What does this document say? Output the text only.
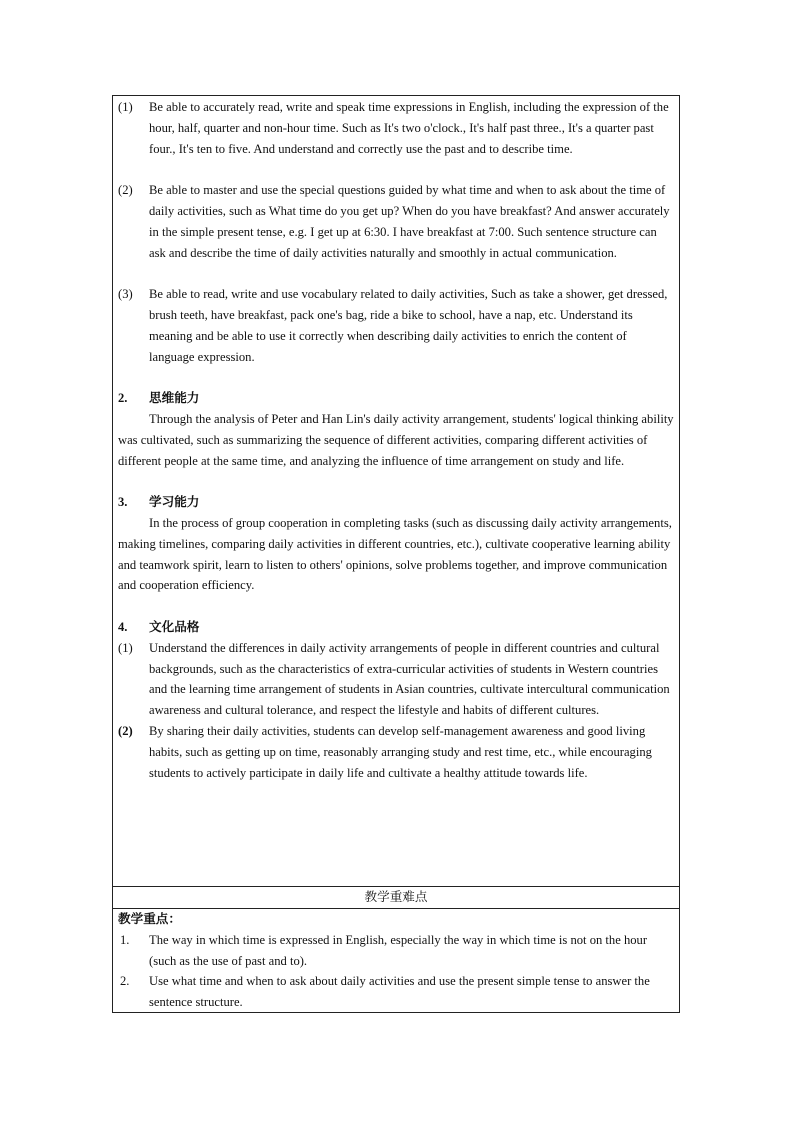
(1) Be able to accurately read, write and speak time expressions in English, including the expression of the hour, half, quarter and non-hour time. Such as It's two o'clock., It's half past three., It's a quarter past four., It's ten to five. And understand and correctly use the past and to describe time.
(2) Be able to master and use the special questions guided by what time and when to ask about the time of daily activities, such as What time do you get up? When do you have breakfast? And answer accurately in the simple present tense, e.g. I get up at 6:30. I have breakfast at 7:00. Such sentence structure can ask and describe the time of daily activities naturally and smoothly in actual communication.
(3) Be able to read, write and use vocabulary related to daily activities, Such as take a shower, get dressed, brush teeth, have breakfast, pack one's bag, ride a bike to school, have a nap, etc. Understand its meaning and be able to use it correctly when describing daily activities to enrich the content of language expression.
2. 思维能力

Through the analysis of Peter and Han Lin's daily activity arrangement, students' logical thinking ability was cultivated, such as summarizing the sequence of different activities, comparing different activities of different people at the same time, and analyzing the influence of time arrangement on study and life.

3. 学习能力

In the process of group cooperation in completing tasks (such as discussing daily activity arrangements, making timelines, comparing daily activities in different countries, etc.), cultivate cooperative learning ability and teamwork spirit, learn to listen to others' opinions, solve problems together, and improve communication and cooperation efficiency.

4. 文化品格
(1) Understand the differences in daily activity arrangements of people in different countries and cultural backgrounds, such as the characteristics of extra-curricular activities of students in Western countries and the learning time arrangement of students in Asian countries, cultivate intercultural communication awareness and cultural tolerance, and respect the lifestyle and habits of different cultures.
(2) By sharing their daily activities, students can develop self-management awareness and good living habits, such as getting up on time, reasonably arranging study and rest time, etc., while encouraging students to actively participate in daily life and cultivate a healthy attitude towards life.
教学重难点
教学重点：
1. The way in which time is expressed in English, especially the way in which time is not on the hour (such as the use of past and to).
2. Use what time and when to ask about daily activities and use the present simple tense to answer the sentence structure.
